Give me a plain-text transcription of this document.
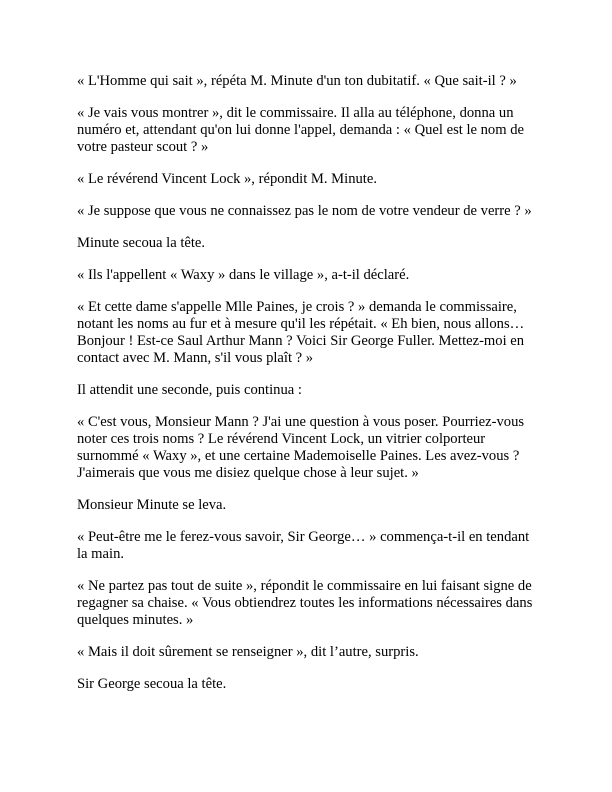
« L'Homme qui sait », répéta M. Minute d'un ton dubitatif. « Que sait-il ? »

« Je vais vous montrer », dit le commissaire. Il alla au téléphone, donna un numéro et, attendant qu'on lui donne l'appel, demanda : « Quel est le nom de votre pasteur scout ? »

« Le révérend Vincent Lock », répondit M. Minute.

« Je suppose que vous ne connaissez pas le nom de votre vendeur de verre ? »

Minute secoua la tête.

« Ils l'appellent « Waxy » dans le village », a-t-il déclaré.

« Et cette dame s'appelle Mlle Paines, je crois ? » demanda le commissaire, notant les noms au fur et à mesure qu'il les répétait. « Eh bien, nous allons… Bonjour ! Est-ce Saul Arthur Mann ? Voici Sir George Fuller. Mettez-moi en contact avec M. Mann, s'il vous plaît ? »

Il attendit une seconde, puis continua :

« C'est vous, Monsieur Mann ? J'ai une question à vous poser. Pourriez-vous noter ces trois noms ? Le révérend Vincent Lock, un vitrier colporteur surnommé « Waxy », et une certaine Mademoiselle Paines. Les avez-vous ? J'aimerais que vous me disiez quelque chose à leur sujet. »

Monsieur Minute se leva.

« Peut-être me le ferez-vous savoir, Sir George… » commença-t-il en tendant la main.

« Ne partez pas tout de suite », répondit le commissaire en lui faisant signe de regagner sa chaise. « Vous obtiendrez toutes les informations nécessaires dans quelques minutes. »

« Mais il doit sûrement se renseigner », dit l’autre, surpris.

Sir George secoua la tête.
